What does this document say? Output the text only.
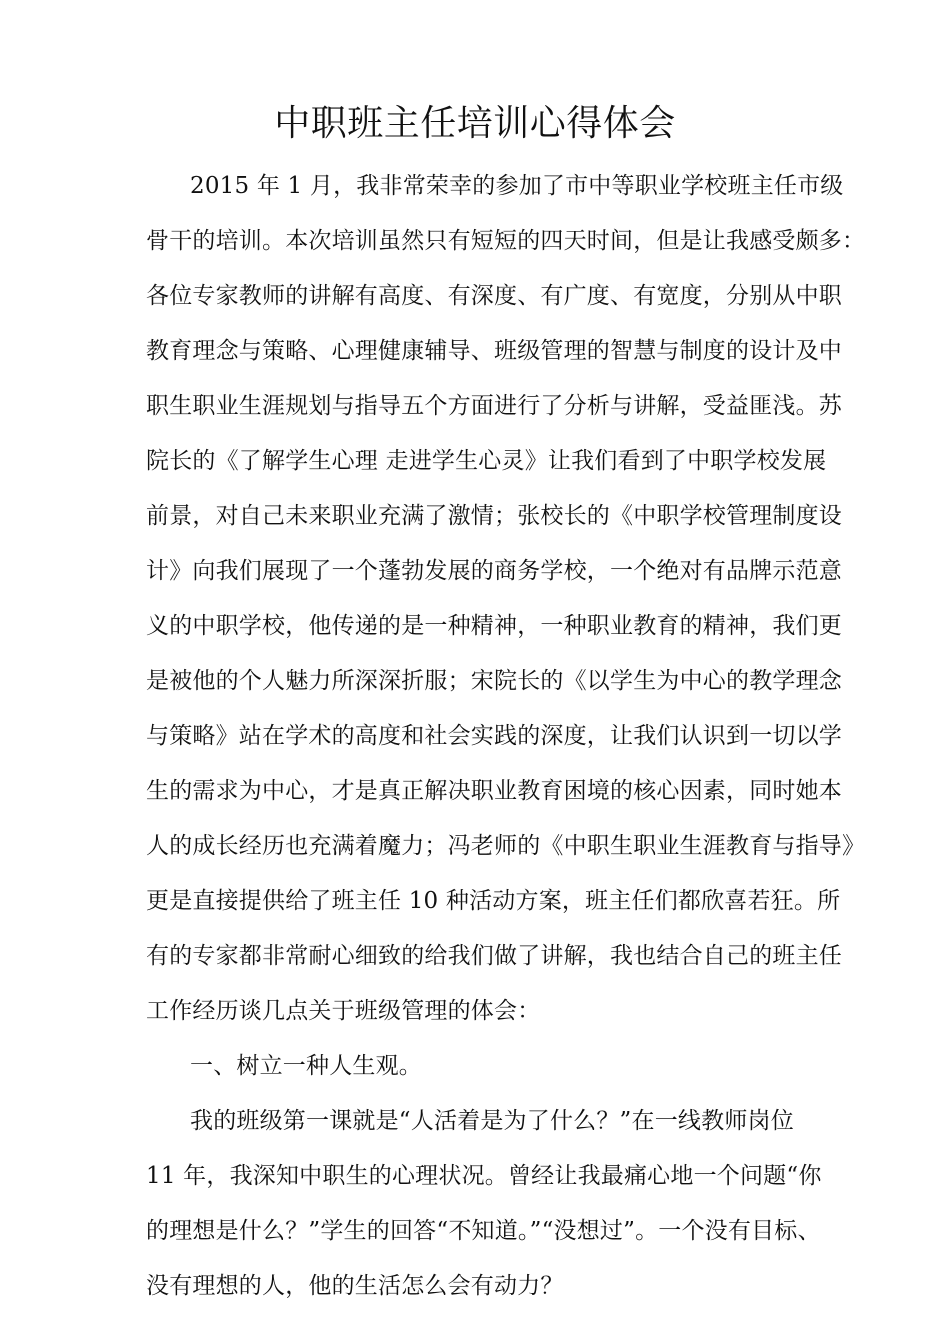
中职班主任培训心得体会
2015 年 1 月，我非常荣幸的参加了市中等职业学校班主任市级
骨干的培训。本次培训虽然只有短短的四天时间，但是让我感受颇多：
各位专家教师的讲解有高度、有深度、有广度、有宽度，分别从中职
教育理念与策略、心理健康辅导、班级管理的智慧与制度的设计及中
职生职业生涯规划与指导五个方面进行了分析与讲解，受益匪浅。苏
院长的《了解学生心理 走进学生心灵》让我们看到了中职学校发展
前景，对自己未来职业充满了激情；张校长的《中职学校管理制度设
计》向我们展现了一个蓬勃发展的商务学校，一个绝对有品牌示范意
义的中职学校，他传递的是一种精神，一种职业教育的精神，我们更
是被他的个人魅力所深深折服；宋院长的《以学生为中心的教学理念
与策略》站在学术的高度和社会实践的深度，让我们认识到一切以学
生的需求为中心，才是真正解决职业教育困境的核心因素，同时她本
人的成长经历也充满着魔力；冯老师的《中职生职业生涯教育与指导》
更是直接提供给了班主任 10 种活动方案，班主任们都欣喜若狂。所
有的专家都非常耐心细致的给我们做了讲解，我也结合自己的班主任
工作经历谈几点关于班级管理的体会：
一、树立一种人生观。
我的班级第一课就是“人活着是为了什么？”在一线教师岗位
11 年，我深知中职生的心理状况。曾经让我最痛心地一个问题“你
的理想是什么？”学生的回答“不知道。”“没想过”。一个没有目标、
没有理想的人，他的生活怎么会有动力？
